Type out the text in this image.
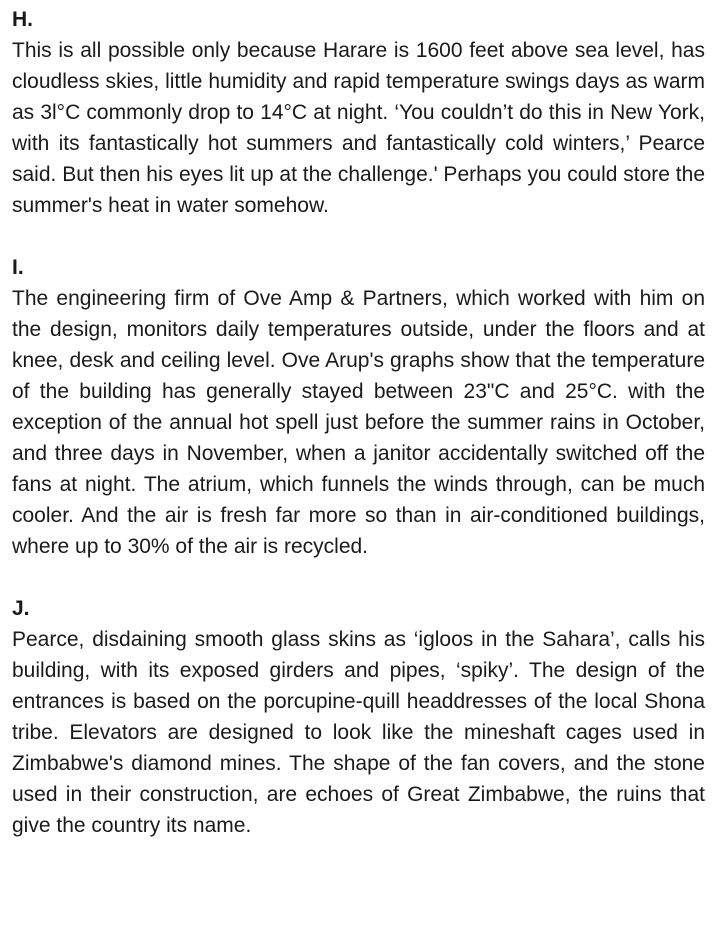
H.

This is all possible only because Harare is 1600 feet above sea level, has cloudless skies, little humidity and rapid temperature swings days as warm as 3l°C commonly drop to 14°C at night. ‘You couldn’t do this in New York, with its fantastically hot summers and fantastically cold winters,’ Pearce said. But then his eyes lit up at the challenge.' Perhaps you could store the summer's heat in water somehow.

I.

The engineering firm of Ove Amp & Partners, which worked with him on the design, monitors daily temperatures outside, under the floors and at knee, desk and ceiling level. Ove Arup's graphs show that the temperature of the building has generally stayed between 23"C and 25°C. with the exception of the annual hot spell just before the summer rains in October, and three days in November, when a janitor accidentally switched off the fans at night. The atrium, which funnels the winds through, can be much cooler. And the air is fresh far more so than in air-conditioned buildings, where up to 30% of the air is recycled.

J.

Pearce, disdaining smooth glass skins as ‘igloos in the Sahara’, calls his building, with its exposed girders and pipes, ‘spiky’. The design of the entrances is based on the porcupine-quill headdresses of the local Shona tribe. Elevators are designed to look like the mineshaft cages used in Zimbabwe's diamond mines. The shape of the fan covers, and the stone used in their construction, are echoes of Great Zimbabwe, the ruins that give the country its name.
